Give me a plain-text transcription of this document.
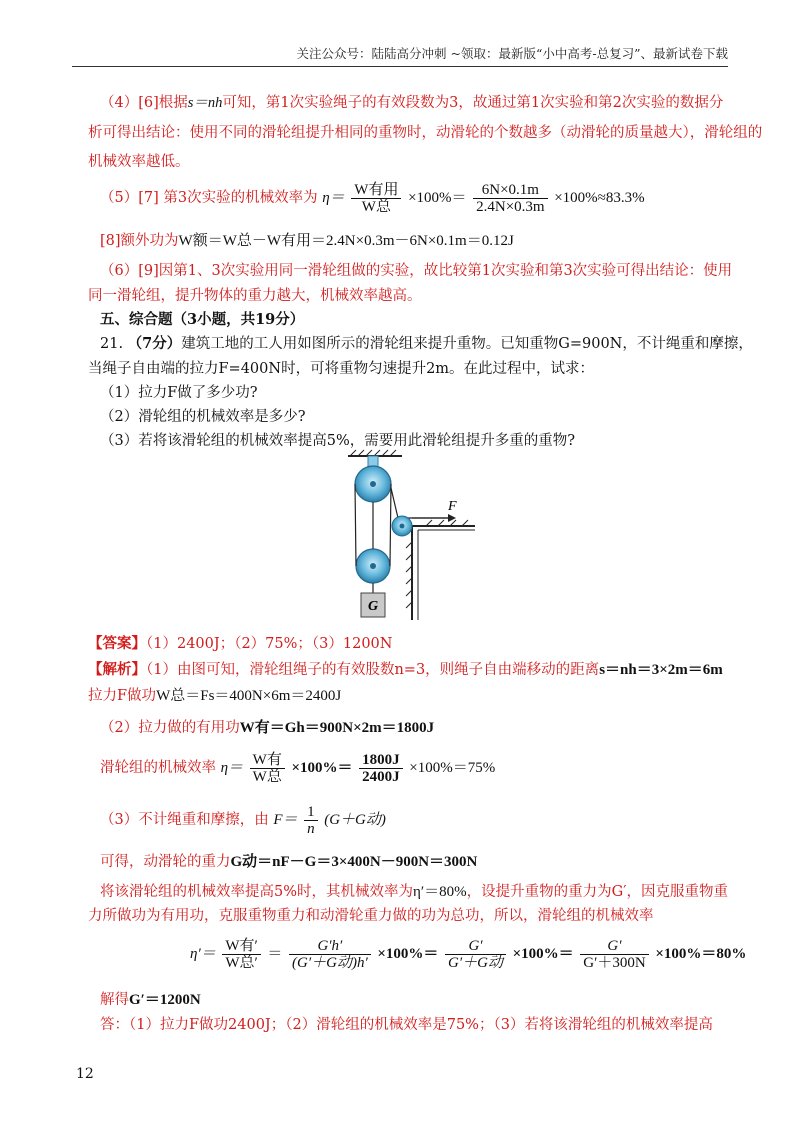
关注公众号：陆陆高分冲刺 ~领取：最新版“小中高考-总复习”、最新试卷下载
（4）[6]根据s＝nh可知，第1次实验绳子的有效段数为3，故通过第1次实验和第2次实验的数据分
析可得出结论：使用不同的滑轮组提升相同的重物时，动滑轮的个数越多（动滑轮的质量越大），滑轮组的
机械效率越低。
（5）[7] 第3次实验的机械效率为 $\eta= \frac{\text{W有用}}{\text{W总}} \times 100\%= \frac{6N\times 0.1m}{2.4N\times 0.3m} \times 100\%\approx 83.3\%$
[8]额外功为W额＝W总－W有用＝2.4N×0.3m－6N×0.1m＝0.12J
（6）[9]因第1、3次实验用同一滑轮组做的实验，故比较第1次实验和第3次实验可得出结论：使用
同一滑轮组，提升物体的重力越大，机械效率越高。
五、综合题（3小题，共19分）
21. （7分）建筑工地的工人用如图所示的滑轮组来提升重物。已知重物G=900N，不计绳重和摩擦，
当绳子自由端的拉力F=400N时，可将重物匀速提升2m。在此过程中，试求：
（1）拉力F做了多少功?
（2）滑轮组的机械效率是多少?
（3）若将该滑轮组的机械效率提高5%，需要用此滑轮组提升多重的重物?
F
G
【答案】（1）2400J；（2）75%；（3）1200N
【解析】（1）由图可知，滑轮组绳子的有效股数n=3，则绳子自由端移动的距离s＝nh＝3×2m＝6m
拉力F做功W总＝Fs＝400N×6m＝2400J
（2）拉力做的有用功W有＝Gh＝900N×2m＝1800J
滑轮组的机械效率 $\eta= \frac{\text{W有}}{\text{W总}} \times 100\%= \frac{1800J}{2400J} \times 100\%=75\%$
（3）不计绳重和摩擦，由 $F= \frac{1}{n} (G+G$动)
可得，动滑轮的重力G动＝nF－G＝3×400N－900N＝300N
将该滑轮组的机械效率提高5%时，其机械效率为η′＝80%，设提升重物的重力为G′，因克服重物重
力所做功为有用功，克服重物重力和动滑轮重力做的功为总功，所以，滑轮组的机械效率
$\eta'= \frac{\text{W有′}}{\text{W总′}} = \frac{G'h'}{\text{(G′＋G动)h′}} \times 100\%= \frac{G'}{\text{G′＋G动}} \times 100\%= \frac{G'}{G'+300N} \times 100\%=80\%$
解得G′＝1200N
答：（1）拉力F做功2400J；（2）滑轮组的机械效率是75%；（3）若将该滑轮组的机械效率提高
12
